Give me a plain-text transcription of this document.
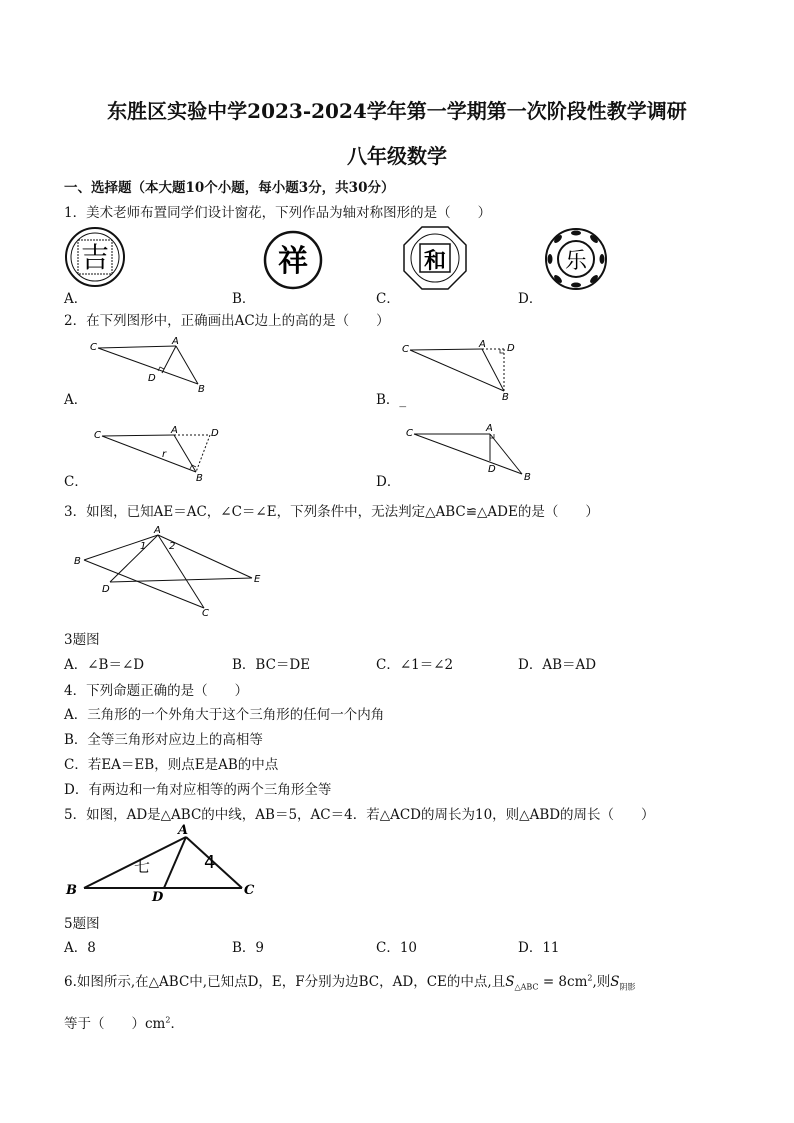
东胜区实验中学2023-2024学年第一学期第一次阶段性教学调研
八年级数学
一、选择题（本大题10个小题，每小题3分，共30分）
1．美术老师布置同学们设计窗花，下列作品为轴对称图形的是（　　）
吉	祥	和	乐
A．	B．	C．	D．
2．在下列图形中，正确画出AC边上的高的是（　　）
C
A
D
B
A．
C	A D
B
B．_
C	A	D
B
r
C．
C	A
D
B
D．
3．如图，已知AE＝AC，∠C＝∠E，下列条件中，无法判定△ABC≌△ADE的是（　　）
A
B
D
E
C
1 2
3题图
A．∠B＝∠D	B．BC＝DE	C．∠1＝∠2	D．AB＝AD
4．下列命题正确的是（　　）
A．三角形的一个外角大于这个三角形的任何一个内角
B．全等三角形对应边上的高相等
C．若EA＝EB，则点E是AB的中点
D．有两边和一角对应相等的两个三角形全等
5．如图，AD是△ABC的中线，AB＝5，AC＝4．若△ACD的周长为10，则△ABD的周长（　　）
A
B	D	C
七	4
5题图
A．8	B．9	C．10	D．11
6.如图所示,在△ABC中,已知点D，E，F分别为边BC，AD，CE的中点,且$S_{\triangle ABC} = 8cm^2$,则$S_{阴影}$
等于（　　）$cm^2$．
